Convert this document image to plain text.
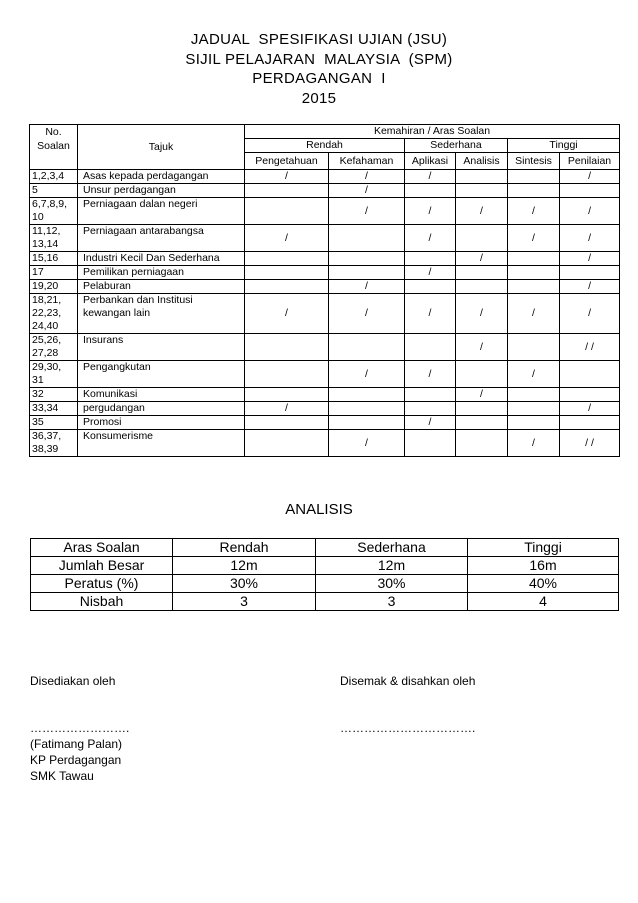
JADUAL  SPESIFIKASI UJIAN (JSU)
SIJIL PELAJARAN  MALAYSIA  (SPM)
PERDAGANGAN  I
2015
No.
Soalan	Tajuk	Kemahiran / Aras Soalan					
		Rendah		Sederhana		Tinggi	
		Pengetahuan	Kefahaman	Aplikasi	Analisis	Sintesis	Penilaian
1,2,3,4	Asas kepada perdagangan	/	/	/			/
5	Unsur perdagangan		/				
6,7,8,9,
10	Perniagaan dalan negeri		/	/	/	/	/
11,12,
13,14	Perniagaan antarabangsa	/		/		/	/
15,16	Industri Kecil Dan Sederhana				/		/
17	Pemilikan perniagaan			/			
19,20	Pelaburan		/				/
18,21,
22,23,
24,40	Perbankan dan Institusi
kewangan lain	/	/	/	/	/	/
25,26,
27,28	Insurans				/		/ /
29,30,
31	Pengangkutan		/	/		/	
32	Komunikasi				/		
33,34	pergudangan	/					/
35	Promosi			/			
36,37,
38,39	Konsumerisme		/			/	/ /
ANALISIS
Aras Soalan	Rendah	Sederhana	Tinggi
Jumlah Besar	12m	12m	16m
Peratus (%)	30%	30%	40%
Nisbah	3	3	4
Disediakan oleh
…………………….
(Fatimang Palan)
KP Perdagangan
SMK Tawau
Disemak & disahkan oleh
…………………………….
